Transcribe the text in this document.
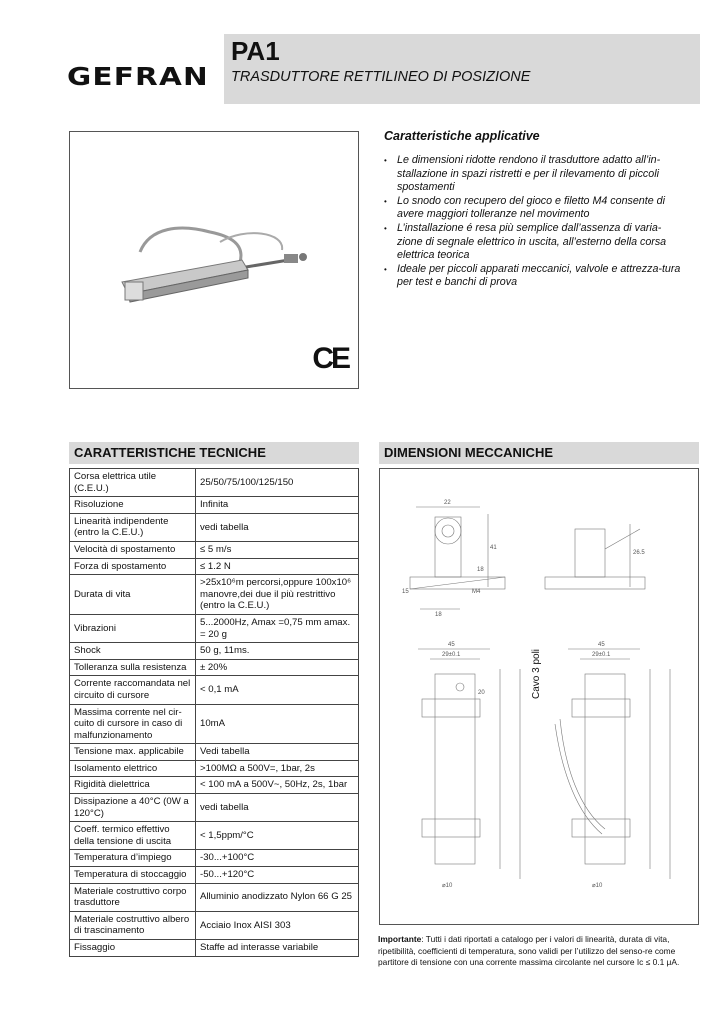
GEFRAN
PA1
TRASDUTTORE RETTILINEO DI POSIZIONE
CE
Caratteristiche applicative
• Le dimensioni ridotte rendono il trasduttore adatto all’in-stallazione in spazi ristretti e per il rilevamento di piccoli spostamenti
• Lo snodo con recupero del gioco e filetto M4 consente di avere maggiori tolleranze nel movimento
• L’installazione é resa più semplice dall’assenza di varia-zione di segnale elettrico in uscita, all’esterno della corsa elettrica teorica
• Ideale per piccoli apparati meccanici, valvole e attrezza-tura per test e banchi di prova
CARATTERISTICHE TECNICHE	DIMENSIONI MECCANICHE
Corsa elettrica utile (C.E.U.)	25/50/75/100/125/150
Risoluzione	Infinita
Linearità indipendente (entro la C.E.U.)	vedi tabella
Velocità di spostamento	≤ 5 m/s
Forza di spostamento	≤ 1.2 N
Durata di vita	>25x10⁶m percorsi,oppure 100x10⁶ manovre,dei due il più restrittivo (entro la C.E.U.)
Vibrazioni	5...2000Hz, Amax =0,75 mm amax. = 20 g
Shock	50 g, 11ms.
Tolleranza sulla resistenza	± 20%
Corrente raccomandata nel circuito di cursore	< 0,1 mA
Massima corrente nel cir-cuito di cursore in caso di malfunzionamento	10mA
Tensione max. applicabile	Vedi tabella
Isolamento elettrico	>100MΩ a 500V=, 1bar, 2s
Rigidità dielettrica	< 100 mA a 500V~, 50Hz, 2s, 1bar
Dissipazione a 40°C (0W a 120°C)	vedi tabella
Coeff. termico effettivo della tensione di uscita	< 1,5ppm/°C
Temperatura d’impiego	-30...+100°C
Temperatura di stoccaggio	-50...+120°C
Materiale costruttivo corpo trasduttore	Alluminio anodizzato Nylon 66 G 25
Materiale costruttivo albero di trascinamento	Acciaio Inox AISI 303
Fissaggio	Staffe ad interasse variabile
22
41
18
15
18
M4
26.5
45
29±0.1
20
⌀10
45
29±0.1
⌀10
Cavo 3 poli
Importante: Tutti i dati riportati a catalogo per i valori di linearità, durata di vita, ripetibilità, coefficienti di temperatura, sono validi per l’utilizzo del senso-re come partitore di tensione con una corrente massima circolante nel cursore Ic ≤ 0.1 μA.
